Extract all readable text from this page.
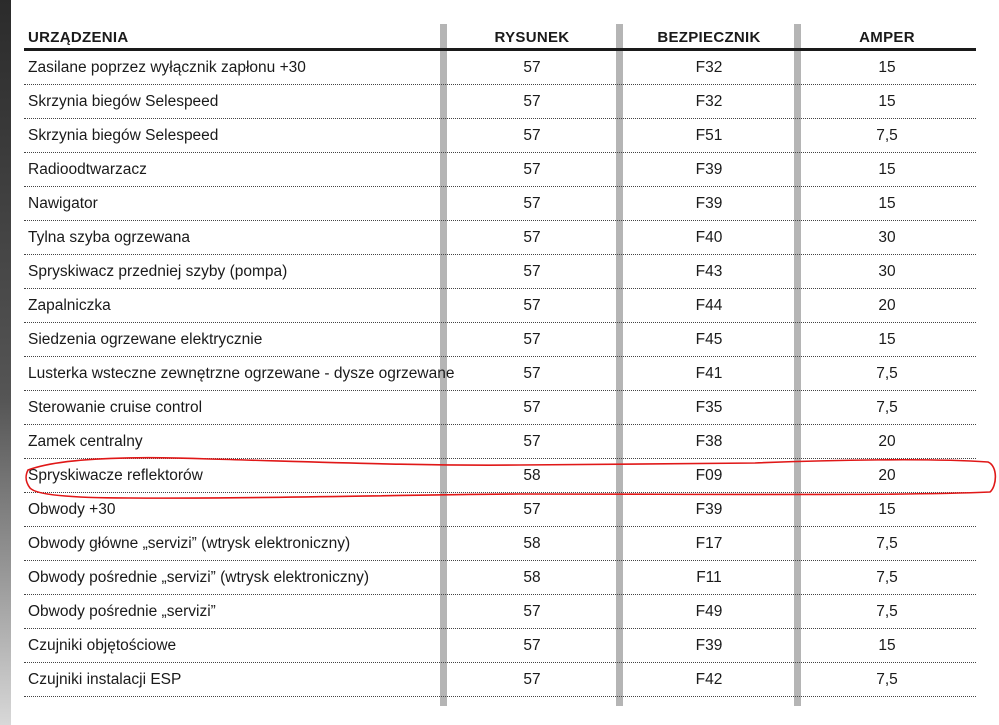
URZĄDZENIA	RYSUNEK	BEZPIECZNIK	AMPER
Zasilane poprzez wyłącznik zapłonu +30	57	F32	15
Skrzynia biegów Selespeed	57	F32	15
Skrzynia biegów Selespeed	57	F51	7,5
Radioodtwarzacz	57	F39	15
Nawigator	57	F39	15
Tylna szyba ogrzewana	57	F40	30
Spryskiwacz przedniej szyby (pompa)	57	F43	30
Zapalniczka	57	F44	20
Siedzenia ogrzewane elektrycznie	57	F45	15
Lusterka wsteczne zewnętrzne ogrzewane - dysze ogrzewane	57	F41	7,5
Sterowanie cruise control	57	F35	7,5
Zamek centralny	57	F38	20
Spryskiwacze reflektorów	58	F09	20
Obwody +30	57	F39	15
Obwody główne „servizi” (wtrysk elektroniczny)	58	F17	7,5
Obwody pośrednie „servizi” (wtrysk elektroniczny)	58	F11	7,5
Obwody pośrednie „servizi”	57	F49	7,5
Czujniki objętościowe	57	F39	15
Czujniki instalacji ESP	57	F42	7,5
